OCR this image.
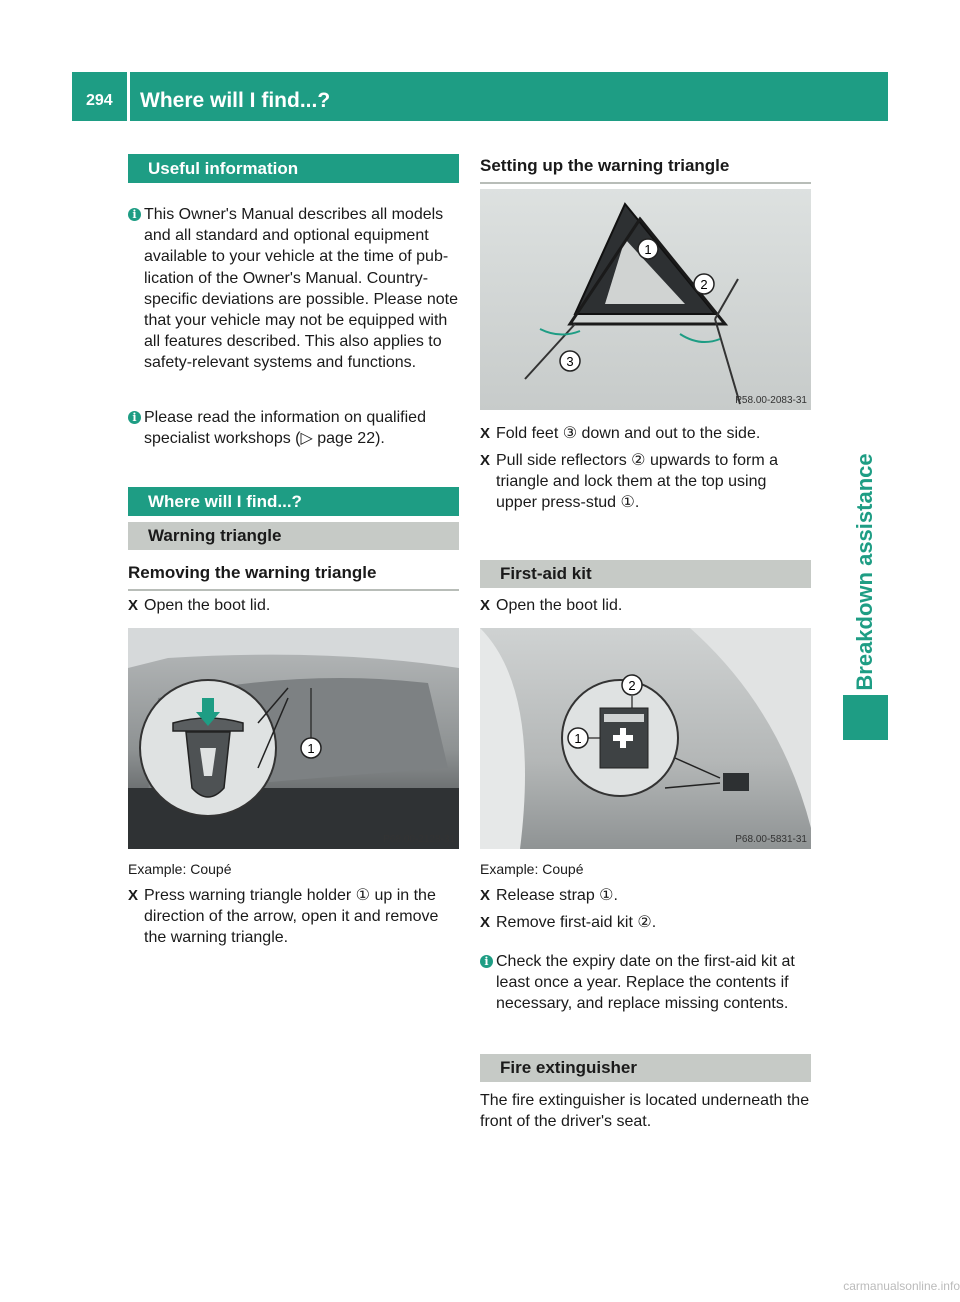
294 Where will I find...?
Breakdown assistance
Useful information
i This Owner's Manual describes all models and all standard and optional equipment available to your vehicle at the time of pub-lication of the Owner's Manual. Country-specific deviations are possible. Please note that your vehicle may not be equipped with all features described. This also applies to safety-relevant systems and functions.
i Please read the information on qualified specialist workshops (▷ page 22).
Where will I find...?
Warning triangle
Removing the warning triangle
X Open the boot lid.
1
P68.00-2128-31
Example: Coupé
X Press warning triangle holder ① up in the direction of the arrow, open it and remove the warning triangle.
Setting up the warning triangle
1
2
3
P58.00-2083-31
X Fold feet ③ down and out to the side.
X Pull side reflectors ② upwards to form a triangle and lock them at the top using upper press-stud ①.
First-aid kit
X Open the boot lid.
2
1
P68.00-5831-31
Example: Coupé
X Release strap ①.
X Remove first-aid kit ②.
i Check the expiry date on the first-aid kit at least once a year. Replace the contents if necessary, and replace missing contents.
Fire extinguisher
The fire extinguisher is located underneath the front of the driver's seat.
carmanualsonline.info
